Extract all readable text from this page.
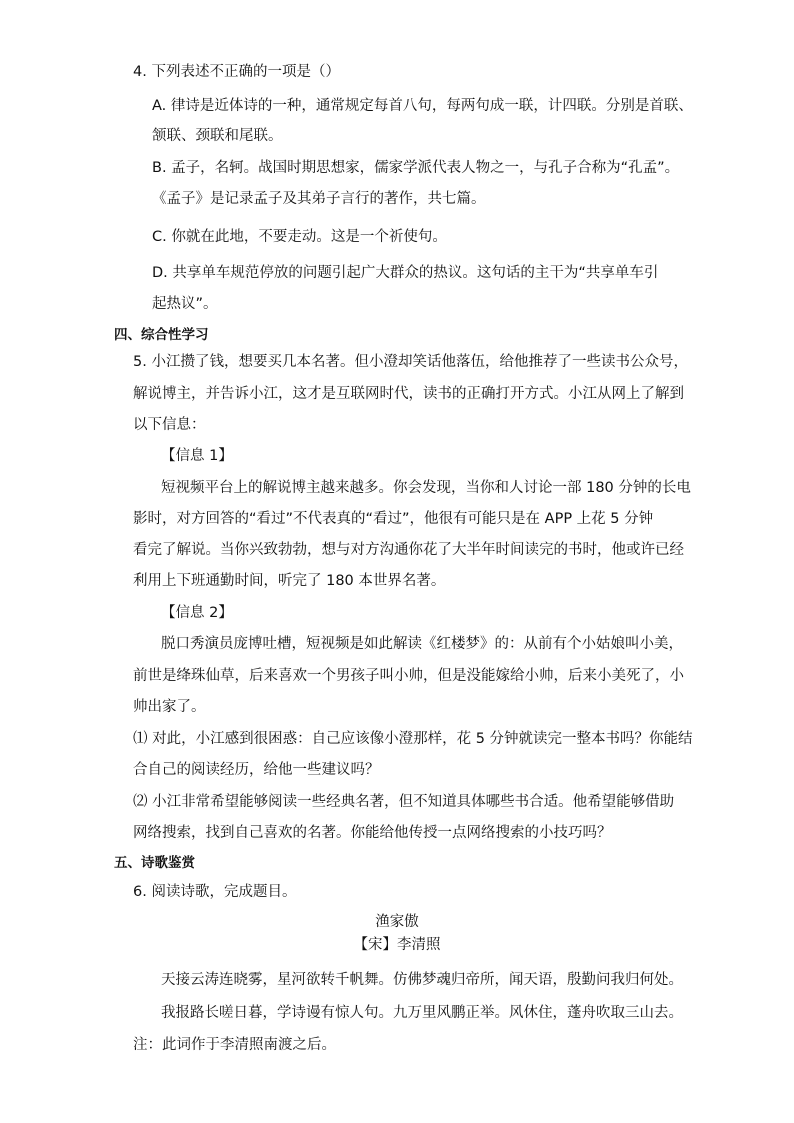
4. 下列表述不正确的一项是（）
A. 律诗是近体诗的一种，通常规定每首八句，每两句成一联，计四联。分别是首联、
颔联、颈联和尾联。
B. 孟子，名轲。战国时期思想家，儒家学派代表人物之一，与孔子合称为“孔孟”。
《孟子》是记录孟子及其弟子言行的著作，共七篇。
C. 你就在此地，不要走动。这是一个祈使句。
D. 共享单车规范停放的问题引起广大群众的热议。这句话的主干为“共享单车引
起热议”。
四、综合性学习
5. 小江攒了钱，想要买几本名著。但小澄却笑话他落伍，给他推荐了一些读书公众号，
解说博主，并告诉小江，这才是互联网时代，读书的正确打开方式。小江从网上了解到
以下信息：
【信息 1】
短视频平台上的解说博主越来越多。你会发现，当你和人讨论一部 180 分钟的长电
影时，对方回答的“看过”不代表真的“看过”，他很有可能只是在 APP 上花 5 分钟
看完了解说。当你兴致勃勃，想与对方沟通你花了大半年时间读完的书时，他或许已经
利用上下班通勤时间，听完了 180 本世界名著。
【信息 2】
脱口秀演员庞博吐槽，短视频是如此解读《红楼梦》的：从前有个小姑娘叫小美，
前世是绛珠仙草，后来喜欢一个男孩子叫小帅，但是没能嫁给小帅，后来小美死了，小
帅出家了。
⑴ 对此，小江感到很困惑：自己应该像小澄那样，花 5 分钟就读完一整本书吗？你能结
合自己的阅读经历，给他一些建议吗？
⑵ 小江非常希望能够阅读一些经典名著，但不知道具体哪些书合适。他希望能够借助
网络搜索，找到自己喜欢的名著。你能给他传授一点网络搜索的小技巧吗？
五、诗歌鉴赏
6. 阅读诗歌，完成题目。
渔家傲
【宋】李清照
天接云涛连晓雾，星河欲转千帆舞。仿佛梦魂归帝所，闻天语，殷勤问我归何处。
我报路长嗟日暮，学诗谩有惊人句。九万里风鹏正举。风休住，蓬舟吹取三山去。
注：此词作于李清照南渡之后。
